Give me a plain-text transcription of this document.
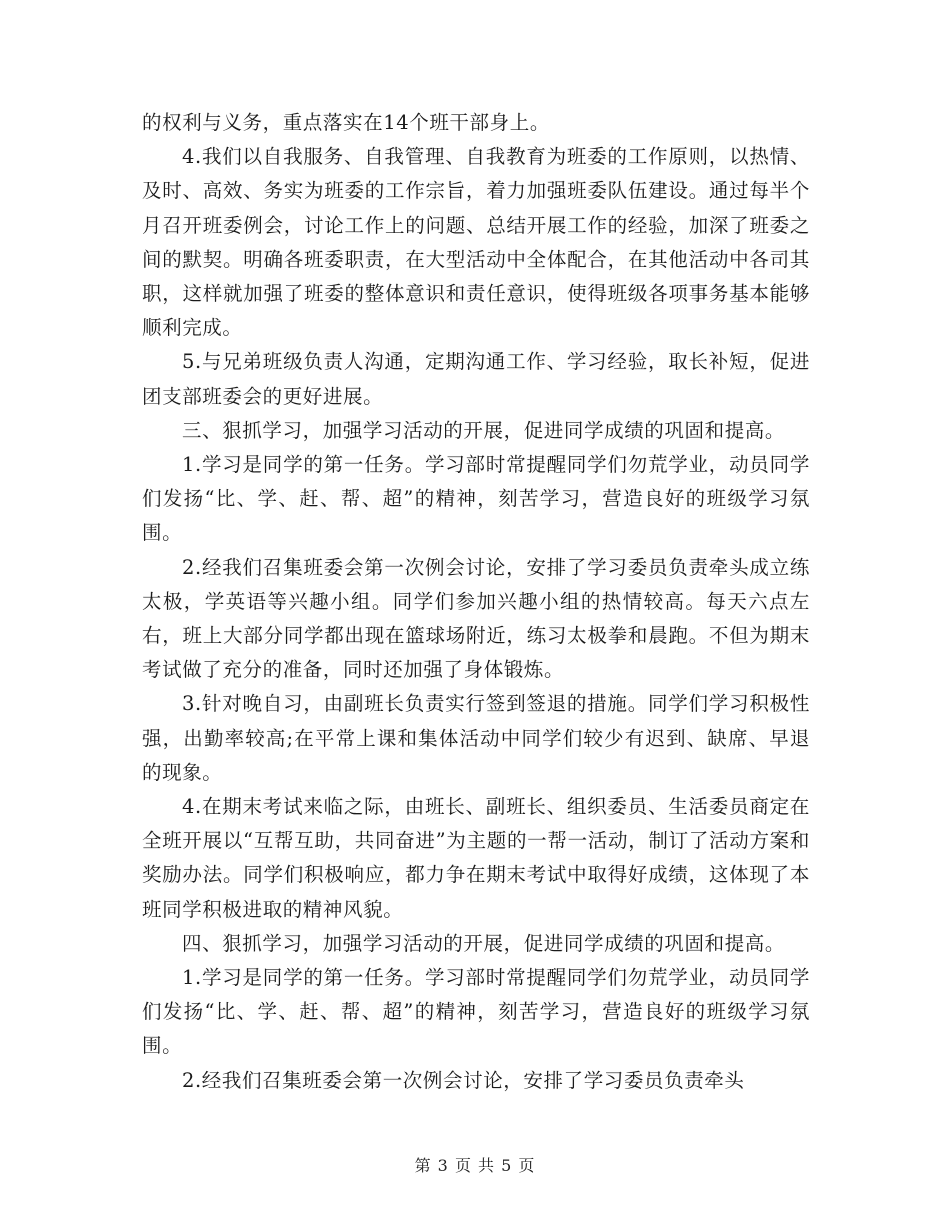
的权利与义务，重点落实在14个班干部身上。

4.我们以自我服务、自我管理、自我教育为班委的工作原则，以热情、及时、高效、务实为班委的工作宗旨，着力加强班委队伍建设。通过每半个月召开班委例会，讨论工作上的问题、总结开展工作的经验，加深了班委之间的默契。明确各班委职责，在大型活动中全体配合，在其他活动中各司其职，这样就加强了班委的整体意识和责任意识，使得班级各项事务基本能够顺利完成。

5.与兄弟班级负责人沟通，定期沟通工作、学习经验，取长补短，促进团支部班委会的更好进展。

三、狠抓学习，加强学习活动的开展，促进同学成绩的巩固和提高。

1.学习是同学的第一任务。学习部时常提醒同学们勿荒学业，动员同学们发扬“比、学、赶、帮、超”的精神，刻苦学习，营造良好的班级学习氛围。

2.经我们召集班委会第一次例会讨论，安排了学习委员负责牵头成立练太极，学英语等兴趣小组。同学们参加兴趣小组的热情较高。每天六点左右，班上大部分同学都出现在篮球场附近，练习太极拳和晨跑。不但为期末考试做了充分的准备，同时还加强了身体锻炼。

3.针对晚自习，由副班长负责实行签到签退的措施。同学们学习积极性强，出勤率较高;在平常上课和集体活动中同学们较少有迟到、缺席、早退的现象。

4.在期末考试来临之际，由班长、副班长、组织委员、生活委员商定在全班开展以“互帮互助，共同奋进”为主题的一帮一活动，制订了活动方案和奖励办法。同学们积极响应，都力争在期末考试中取得好成绩，这体现了本班同学积极进取的精神风貌。

四、狠抓学习，加强学习活动的开展，促进同学成绩的巩固和提高。

1.学习是同学的第一任务。学习部时常提醒同学们勿荒学业，动员同学们发扬“比、学、赶、帮、超”的精神，刻苦学习，营造良好的班级学习氛围。

2.经我们召集班委会第一次例会讨论，安排了学习委员负责牵头

第 3 页 共 5 页
